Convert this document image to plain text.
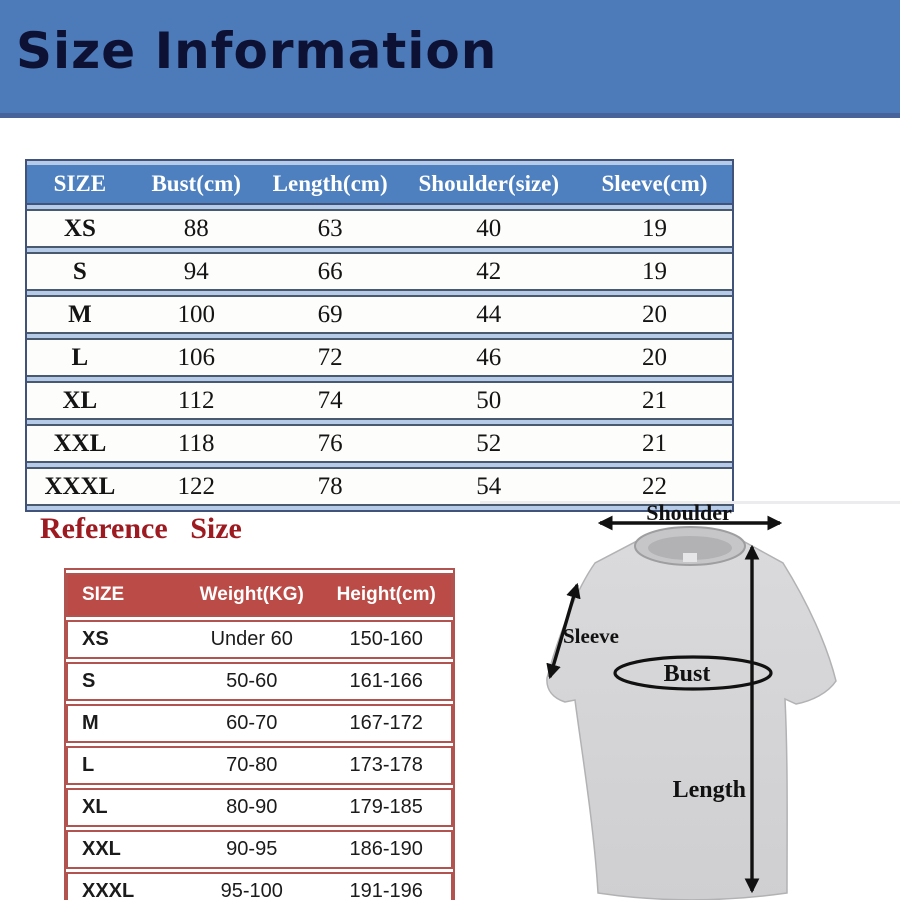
Size Information
SIZE	Bust(cm)	Length(cm)	Shoulder(size)	Sleeve(cm)
XS	88	63	40	19
S	94	66	42	19
M	100	69	44	20
L	106	72	46	20
XL	112	74	50	21
XXL	118	76	52	21
XXXL	122	78	54	22
Reference   Size
SIZE	Weight(KG)	Height(cm)
XS	Under 60	150-160
S	50-60	161-166
M	60-70	167-172
L	70-80	173-178
XL	80-90	179-185
XXL	90-95	186-190
XXXL	95-100	191-196
Shoulder
Sleeve
Bust
Length
